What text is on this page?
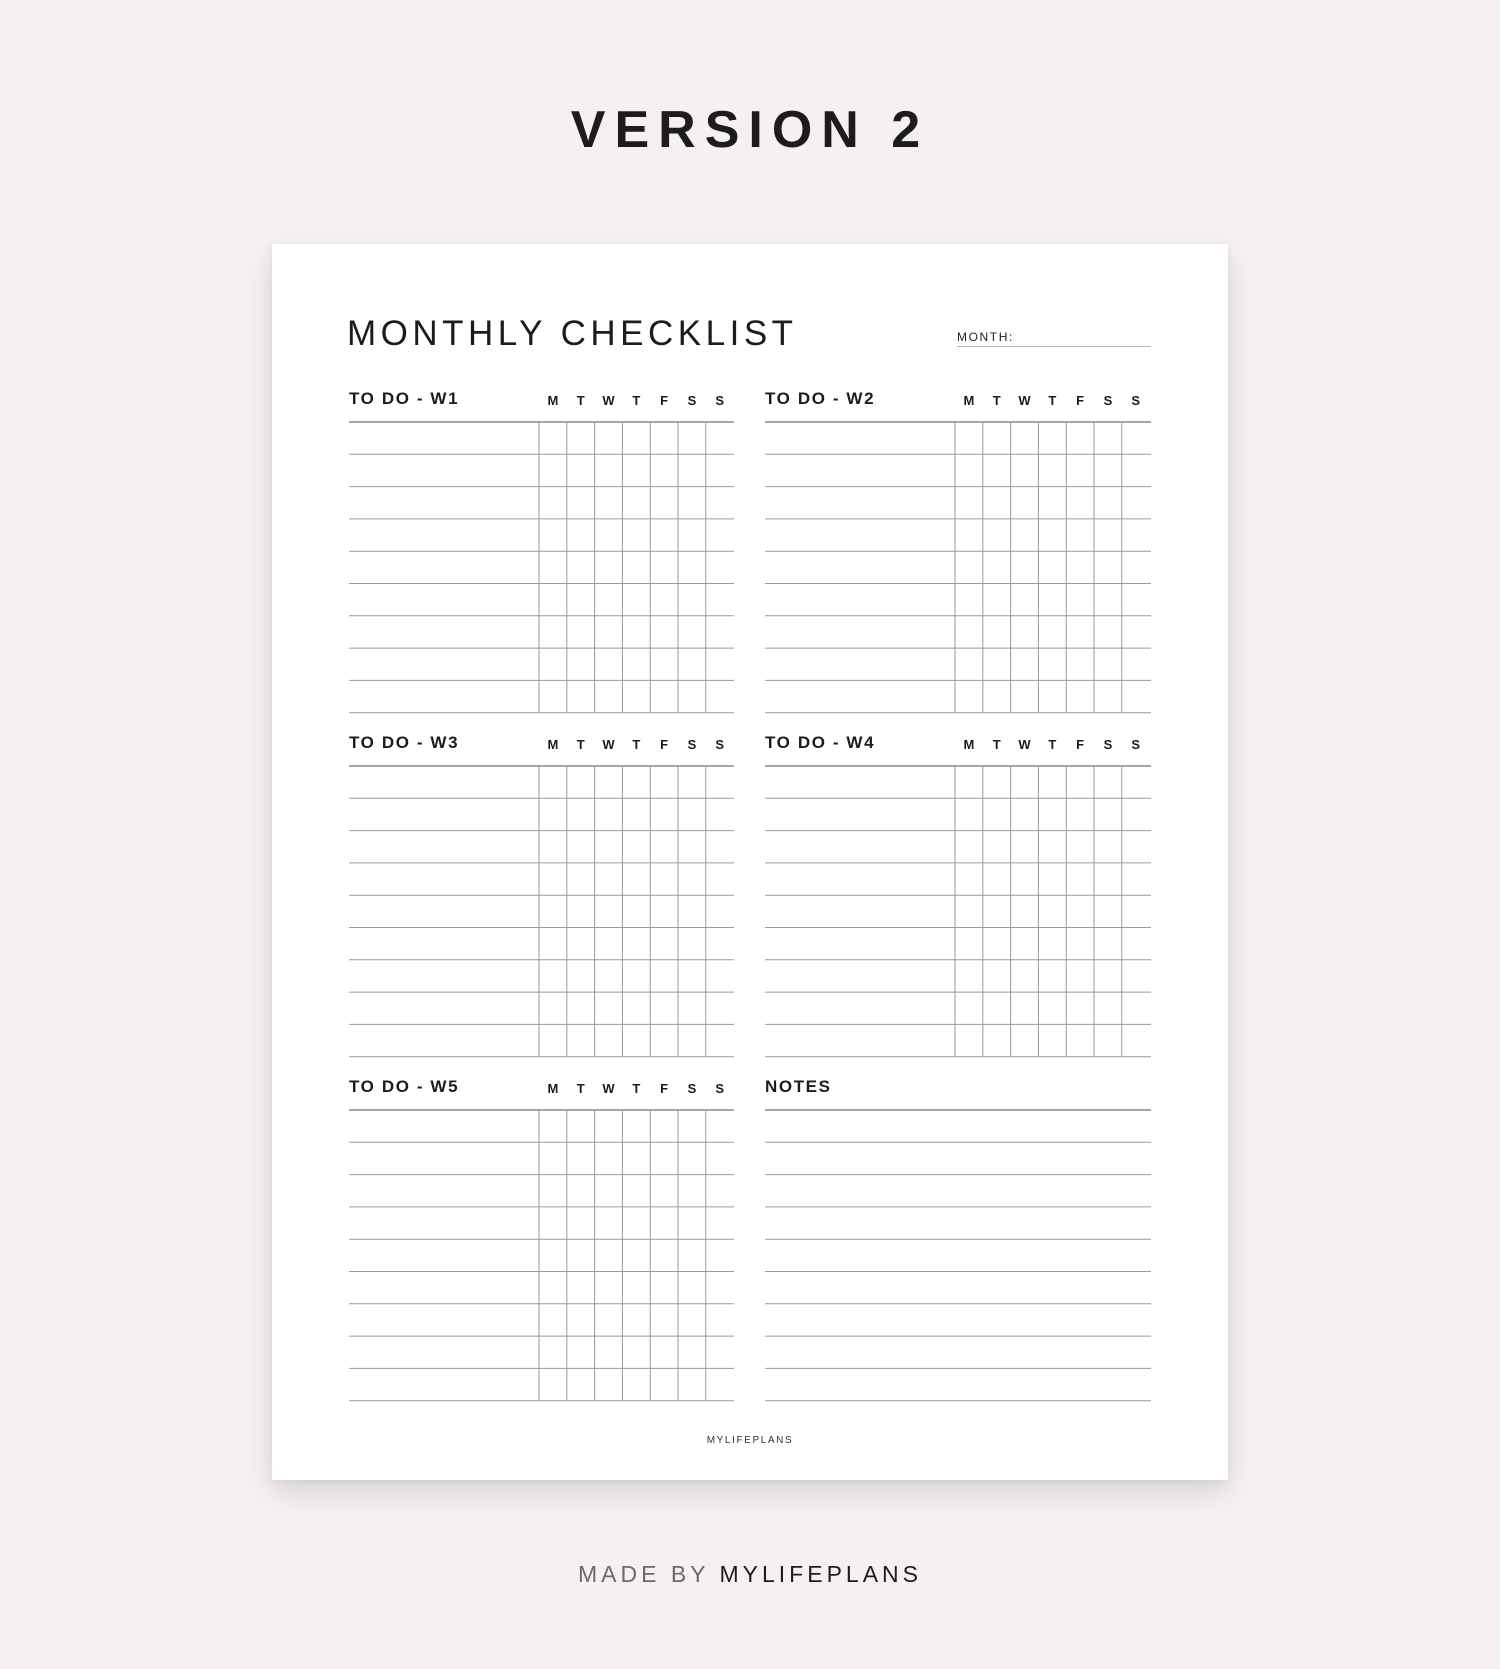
VERSION 2
MONTHLY CHECKLIST	MONTH:
TO DO - W1	M T W T F S S TO DO - W2	M T W T F S S
TO DO - W3	M T W T F S S TO DO - W4	M T W T F S S
TO DO - W5	M T W T F S S NOTES
MYLIFEPLANS
MADE BY MYLIFEPLANS
